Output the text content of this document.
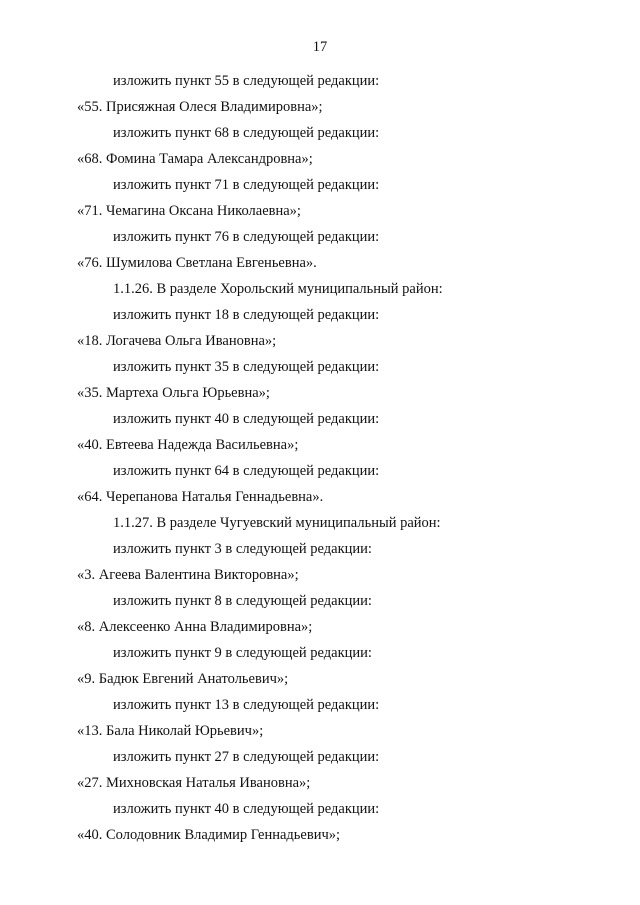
17
изложить пункт 55 в следующей редакции:
«55. Присяжная Олеся Владимировна»;
изложить пункт 68 в следующей редакции:
«68. Фомина Тамара Александровна»;
изложить пункт 71 в следующей редакции:
«71. Чемагина Оксана Николаевна»;
изложить пункт 76 в следующей редакции:
«76. Шумилова Светлана Евгеньевна».
1.1.26. В разделе Хорольский муниципальный район:
изложить пункт 18 в следующей редакции:
«18. Логачева Ольга Ивановна»;
изложить пункт 35 в следующей редакции:
«35. Мартеха Ольга Юрьевна»;
изложить пункт 40 в следующей редакции:
«40. Евтеева Надежда Васильевна»;
изложить пункт 64 в следующей редакции:
«64. Черепанова Наталья Геннадьевна».
1.1.27. В разделе Чугуевский муниципальный район:
изложить пункт 3 в следующей редакции:
«3. Агеева Валентина Викторовна»;
изложить пункт 8 в следующей редакции:
«8. Алексеенко Анна Владимировна»;
изложить пункт 9 в следующей редакции:
«9. Бадюк Евгений Анатольевич»;
изложить пункт 13 в следующей редакции:
«13. Бала Николай Юрьевич»;
изложить пункт 27 в следующей редакции:
«27. Михновская Наталья Ивановна»;
изложить пункт 40 в следующей редакции:
«40. Солодовник Владимир Геннадьевич»;
